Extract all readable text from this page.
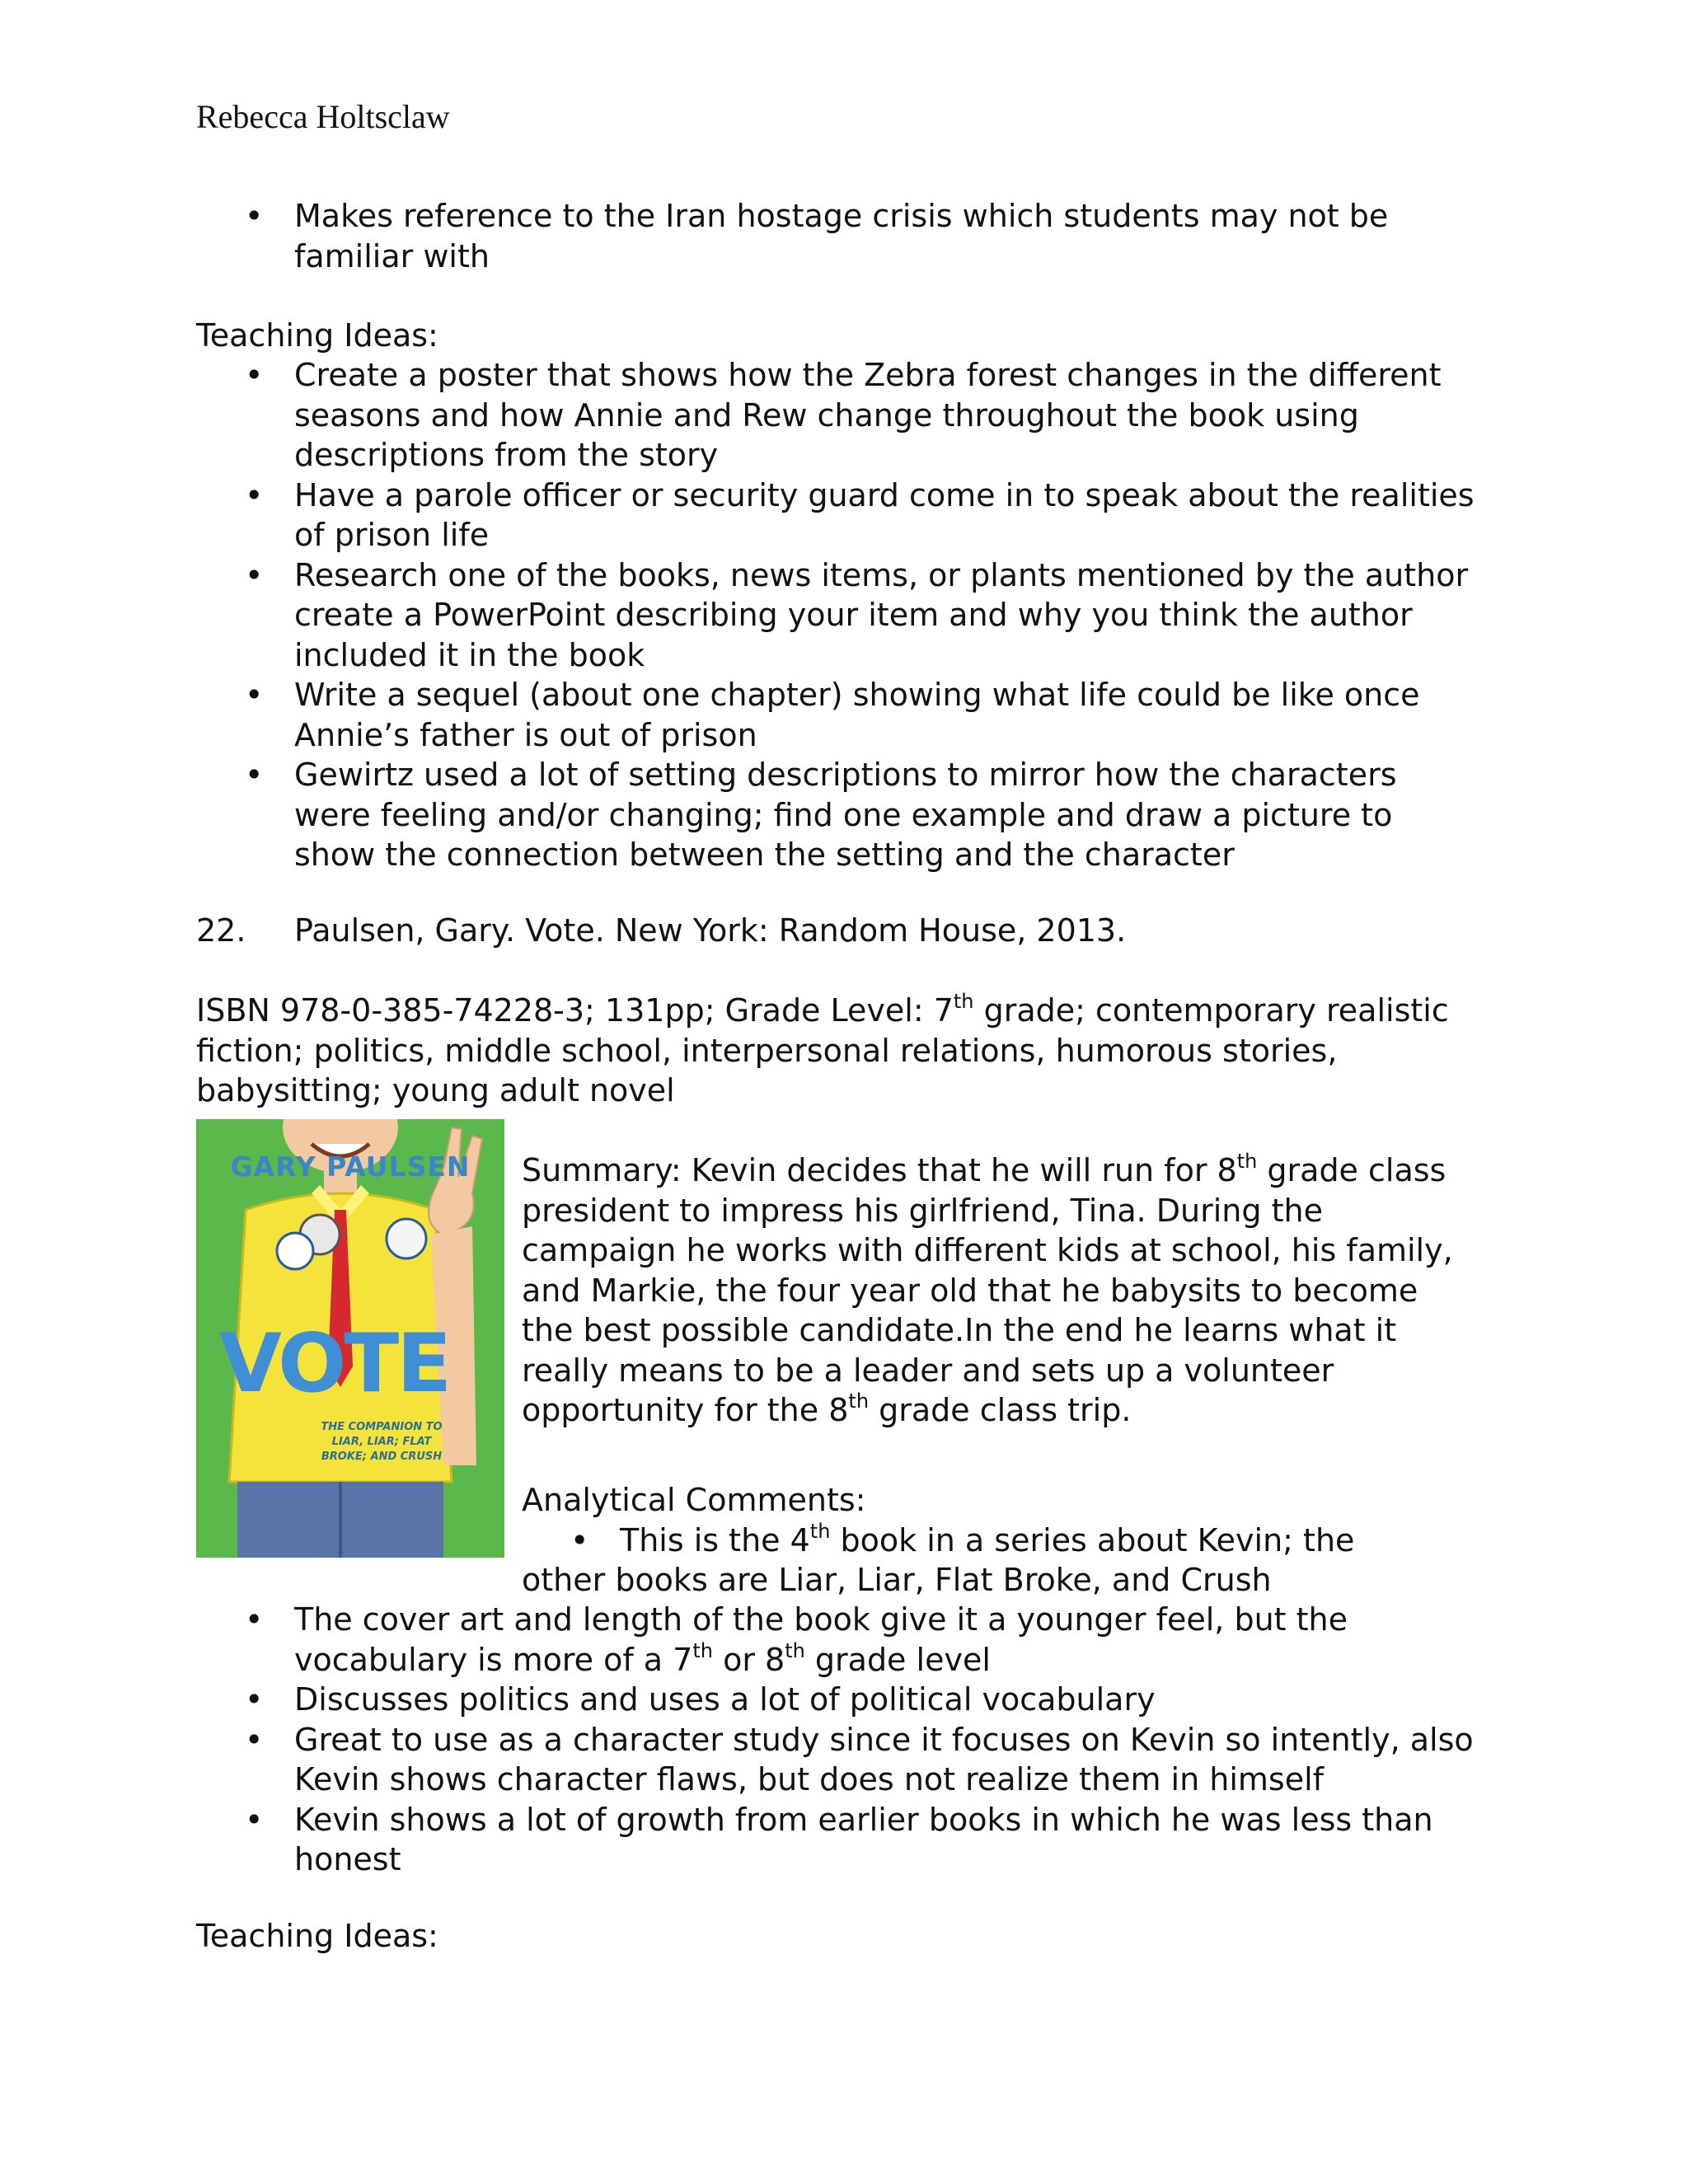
Rebecca Holtsclaw

• Makes reference to the Iran hostage crisis which students may not be familiar with

Teaching Ideas:

• Create a poster that shows how the Zebra forest changes in the different seasons and how Annie and Rew change throughout the book using descriptions from the story
• Have a parole officer or security guard come in to speak about the realities of prison life
• Research one of the books, news items, or plants mentioned by the author create a PowerPoint describing your item and why you think the author included it in the book
• Write a sequel (about one chapter) showing what life could be like once Annie’s father is out of prison
• Gewirtz used a lot of setting descriptions to mirror how the characters were feeling and/or changing; find one example and draw a picture to show the connection between the setting and the character

22. Paulsen, Gary. Vote. New York: Random House, 2013.

ISBN 978-0-385-74228-3; 131pp; Grade Level: 7th grade; contemporary realistic fiction; politics, middle school, interpersonal relations, humorous stories, babysitting; young adult novel

GARY PAULSEN
VOTE
THE COMPANION TO LIAR, LIAR; FLAT BROKE; AND CRUSH

Summary: Kevin decides that he will run for 8th grade class president to impress his girlfriend, Tina. During the campaign he works with different kids at school, his family, and Markie, the four year old that he babysits to become the best possible candidate.In the end he learns what it really means to be a leader and sets up a volunteer opportunity for the 8th grade class trip.

Analytical Comments:

• This is the 4th book in a series about Kevin; the

other books are Liar, Liar, Flat Broke, and Crush

• The cover art and length of the book give it a younger feel, but the vocabulary is more of a 7th or 8th grade level
• Discusses politics and uses a lot of political vocabulary
• Great to use as a character study since it focuses on Kevin so intently, also Kevin shows character flaws, but does not realize them in himself
• Kevin shows a lot of growth from earlier books in which he was less than honest

Teaching Ideas:
